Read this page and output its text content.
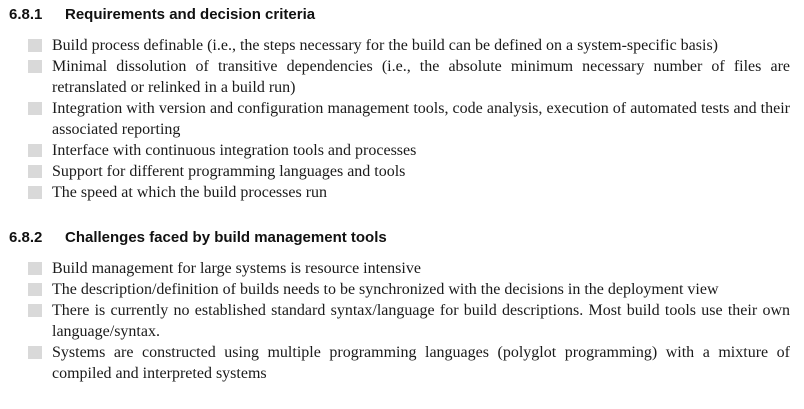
6.8.1 Requirements and decision criteria
Build process definable (i.e., the steps necessary for the build can be defined on a system-specific basis)
Minimal dissolution of transitive dependencies (i.e., the absolute minimum necessary number of files are retranslated or relinked in a build run)
Integration with version and configuration management tools, code analysis, execution of automated tests and their associated reporting
Interface with continuous integration tools and processes
Support for different programming languages and tools
The speed at which the build processes run
6.8.2 Challenges faced by build management tools
Build management for large systems is resource intensive
The description/definition of builds needs to be synchronized with the decisions in the deployment view
There is currently no established standard syntax/language for build descriptions. Most build tools use their own language/syntax.
Systems are constructed using multiple programming languages (polyglot programming) with a mixture of compiled and interpreted systems
